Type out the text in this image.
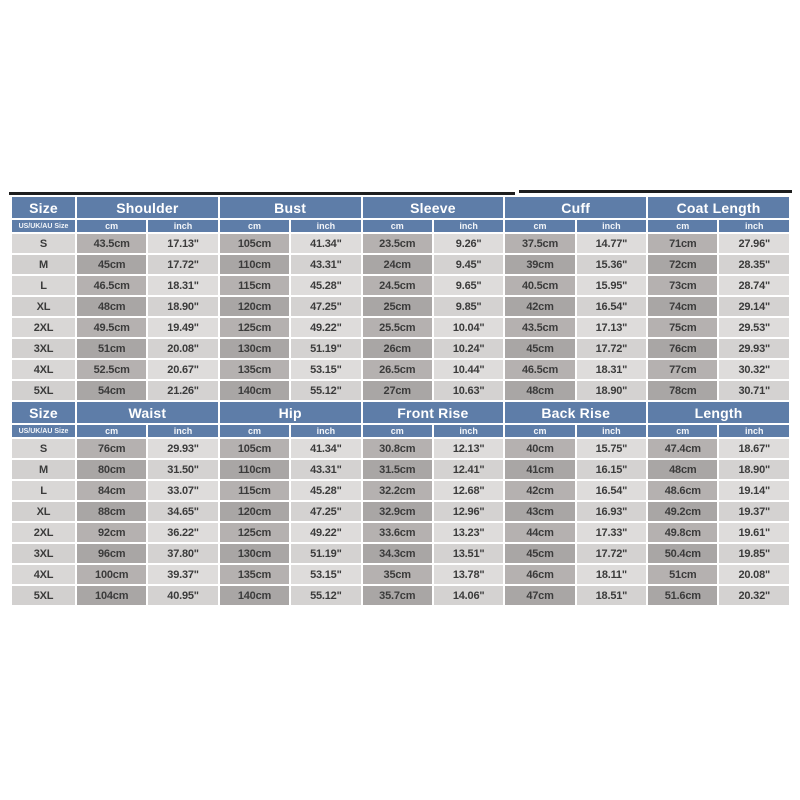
Size	Shoulder		Bust		Sleeve		Cuff		Coat Length	
US/UK/AU Size	cm	inch	cm	inch	cm	inch	cm	inch	cm	inch
S	43.5cm	17.13"	105cm	41.34"	23.5cm	9.26"	37.5cm	14.77"	71cm	27.96"
M	45cm	17.72"	110cm	43.31"	24cm	9.45"	39cm	15.36"	72cm	28.35"
L	46.5cm	18.31"	115cm	45.28"	24.5cm	9.65"	40.5cm	15.95"	73cm	28.74"
XL	48cm	18.90"	120cm	47.25"	25cm	9.85"	42cm	16.54"	74cm	29.14"
2XL	49.5cm	19.49"	125cm	49.22"	25.5cm	10.04"	43.5cm	17.13"	75cm	29.53"
3XL	51cm	20.08"	130cm	51.19"	26cm	10.24"	45cm	17.72"	76cm	29.93"
4XL	52.5cm	20.67"	135cm	53.15"	26.5cm	10.44"	46.5cm	18.31"	77cm	30.32"
5XL	54cm	21.26"	140cm	55.12"	27cm	10.63"	48cm	18.90"	78cm	30.71"
Size	Waist		Hip		Front Rise		Back Rise		Length	
US/UK/AU Size	cm	inch	cm	inch	cm	inch	cm	inch	cm	inch
S	76cm	29.93"	105cm	41.34"	30.8cm	12.13"	40cm	15.75"	47.4cm	18.67"
M	80cm	31.50"	110cm	43.31"	31.5cm	12.41"	41cm	16.15"	48cm	18.90"
L	84cm	33.07"	115cm	45.28"	32.2cm	12.68"	42cm	16.54"	48.6cm	19.14"
XL	88cm	34.65"	120cm	47.25"	32.9cm	12.96"	43cm	16.93"	49.2cm	19.37"
2XL	92cm	36.22"	125cm	49.22"	33.6cm	13.23"	44cm	17.33"	49.8cm	19.61"
3XL	96cm	37.80"	130cm	51.19"	34.3cm	13.51"	45cm	17.72"	50.4cm	19.85"
4XL	100cm	39.37"	135cm	53.15"	35cm	13.78"	46cm	18.11"	51cm	20.08"
5XL	104cm	40.95"	140cm	55.12"	35.7cm	14.06"	47cm	18.51"	51.6cm	20.32"
